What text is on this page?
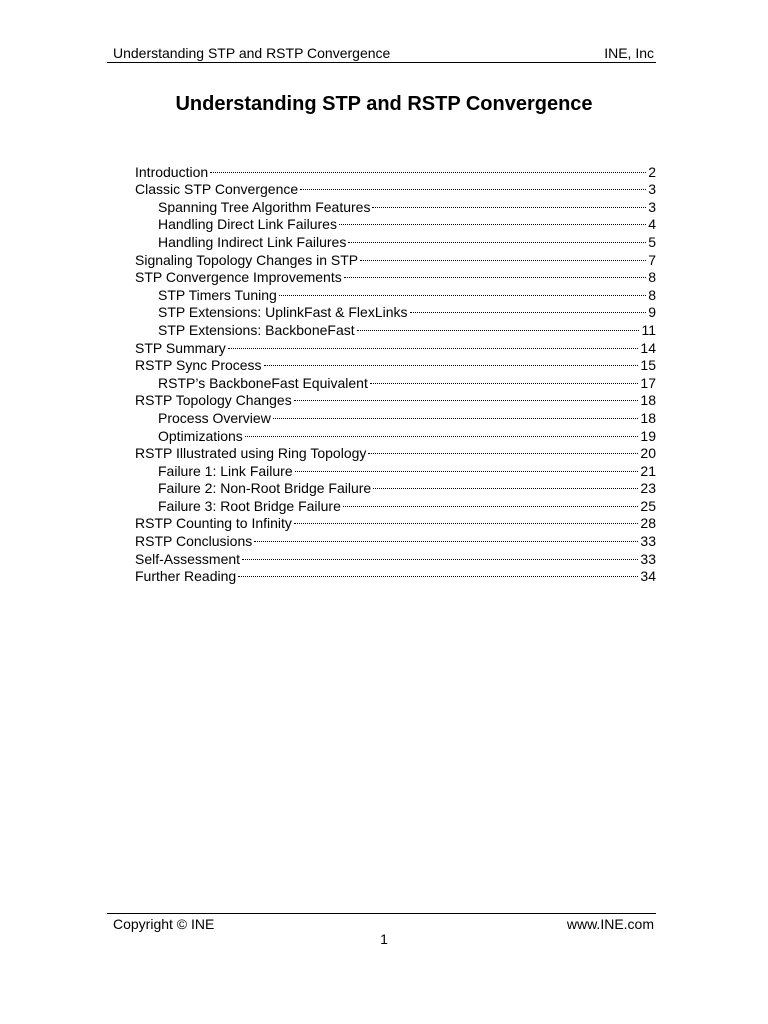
Understanding STP and RSTP Convergence	INE, Inc
Understanding STP and RSTP Convergence
Introduction	2
Classic STP Convergence	3
Spanning Tree Algorithm Features	3
Handling Direct Link Failures	4
Handling Indirect Link Failures	5
Signaling Topology Changes in STP	7
STP Convergence Improvements	8
STP Timers Tuning	8
STP Extensions: UplinkFast & FlexLinks	9
STP Extensions: BackboneFast	11
STP Summary	14
RSTP Sync Process	15
RSTP’s BackboneFast Equivalent	17
RSTP Topology Changes	18
Process Overview	18
Optimizations	19
RSTP Illustrated using Ring Topology	20
Failure 1: Link Failure	21
Failure 2: Non-Root Bridge Failure	23
Failure 3: Root Bridge Failure	25
RSTP Counting to Infinity	28
RSTP Conclusions	33
Self-Assessment	33
Further Reading	34
Copyright © INE	www.INE.com
1
